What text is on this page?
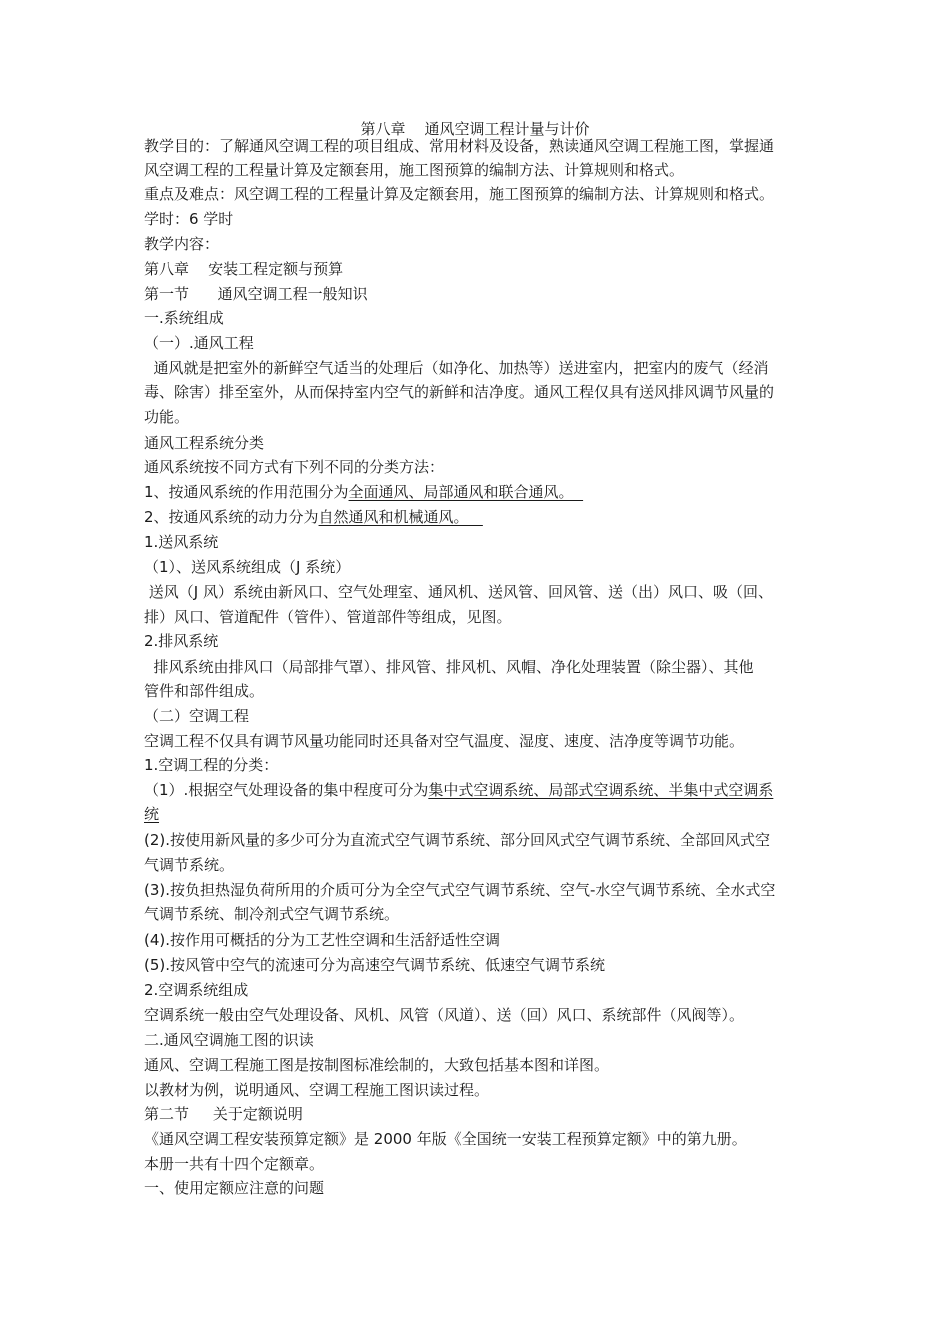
第八章    通风空调工程计量与计价
教学目的：了解通风空调工程的项目组成、常用材料及设备，熟读通风空调工程施工图，掌握通
风空调工程的工程量计算及定额套用，施工图预算的编制方法、计算规则和格式。
重点及难点：风空调工程的工程量计算及定额套用，施工图预算的编制方法、计算规则和格式。
学时：6 学时
教学内容：
第八章    安装工程定额与预算
第一节      通风空调工程一般知识
一.系统组成
（一）.通风工程
通风就是把室外的新鲜空气适当的处理后（如净化、加热等）送进室内，把室内的废气（经消
毒、除害）排至室外，从而保持室内空气的新鲜和洁净度。通风工程仅具有送风排风调节风量的
功能。
通风工程系统分类
通风系统按不同方式有下列不同的分类方法：
1、按通风系统的作用范围分为全面通风、局部通风和联合通风。
2、按通风系统的动力分为自然通风和机械通风。
1.送风系统
（1）、送风系统组成（J 系统）
送风（J 风）系统由新风口、空气处理室、通风机、送风管、回风管、送（出）风口、吸（回、
排）风口、管道配件（管件）、管道部件等组成，见图。
2.排风系统
排风系统由排风口（局部排气罩）、排风管、排风机、风帽、净化处理装置（除尘器）、其他
管件和部件组成。
（二）空调工程
空调工程不仅具有调节风量功能同时还具备对空气温度、湿度、速度、洁净度等调节功能。
1.空调工程的分类：
（1）.根据空气处理设备的集中程度可分为集中式空调系统、局部式空调系统、半集中式空调系
统
(2).按使用新风量的多少可分为直流式空气调节系统、部分回风式空气调节系统、全部回风式空
气调节系统。
(3).按负担热湿负荷所用的介质可分为全空气式空气调节系统、空气-水空气调节系统、全水式空
气调节系统、制冷剂式空气调节系统。
(4).按作用可概括的分为工艺性空调和生活舒适性空调
(5).按风管中空气的流速可分为高速空气调节系统、低速空气调节系统
2.空调系统组成
空调系统一般由空气处理设备、风机、风管（风道）、送（回）风口、系统部件（风阀等）。
二.通风空调施工图的识读
通风、空调工程施工图是按制图标准绘制的，大致包括基本图和详图。
以教材为例，说明通风、空调工程施工图识读过程。
第二节     关于定额说明
《通风空调工程安装预算定额》是 2000 年版《全国统一安装工程预算定额》中的第九册。
本册一共有十四个定额章。
一、使用定额应注意的问题
